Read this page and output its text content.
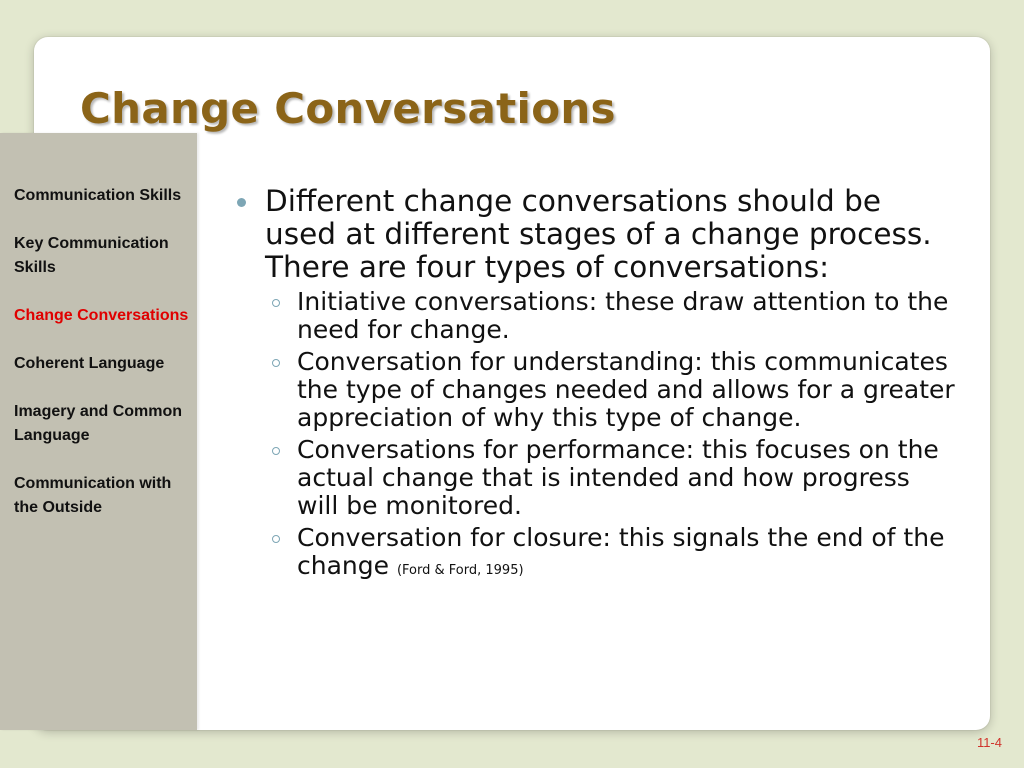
Change Conversations
Communication Skills
Key Communication Skills
Change Conversations
Coherent Language
Imagery and Common Language
Communication with the Outside
Different change conversations should be used at different stages of a change process. There are four types of conversations:
Initiative conversations: these draw attention to the need for change.
Conversation for understanding: this communicates the type of changes needed and allows for a greater appreciation of why this type of change.
Conversations for performance: this focuses on the actual change that is intended and how progress will be monitored.
Conversation for closure: this signals the end of the change (Ford & Ford, 1995)
11-4
